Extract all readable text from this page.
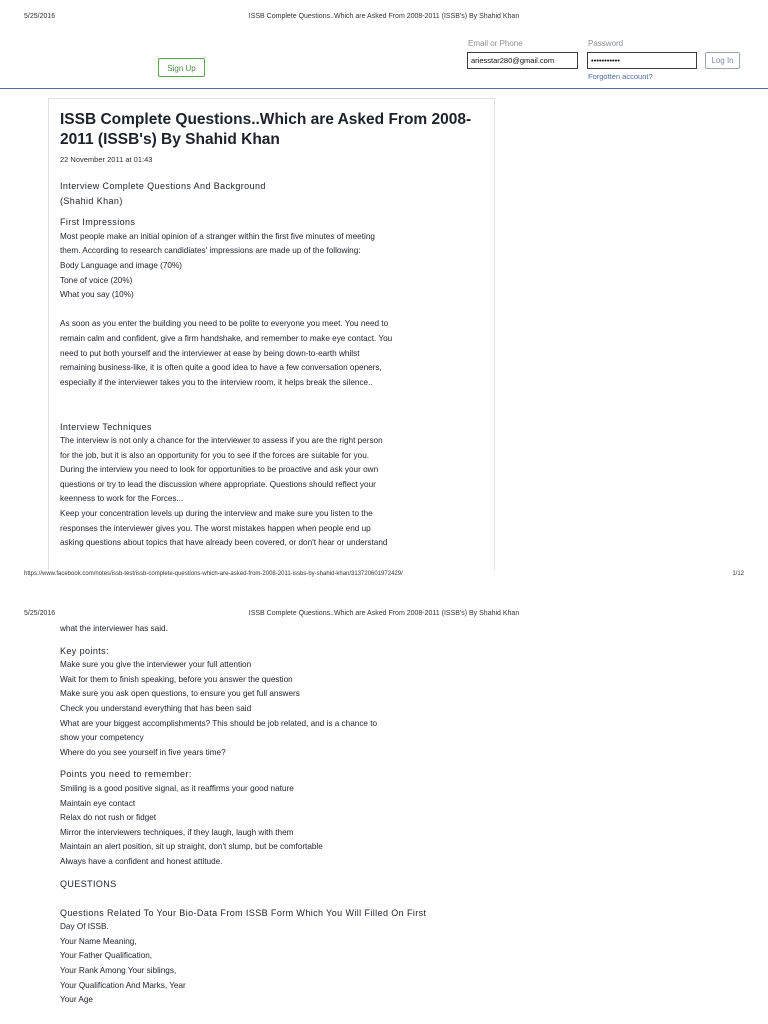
5/25/2016	ISSB Complete Questions..Which are Asked From 2008-2011 (ISSB's) By Shahid Khan
Sign Up
Email or Phone
ariesstar280@gmail.com
Password
•••••••••••	Log In
Forgotten account?
ISSB Complete Questions..Which are Asked From 2008-2011 (ISSB's) By Shahid Khan
22 November 2011 at 01:43

Interview Complete Questions And Background

(Shahid Khan)

First Impressions

Most people make an initial opinion of a stranger within the first five minutes of meeting

them. According to research candidiates' impressions are made up of the following:

Body Language and image (70%)

Tone of voice (20%)

What you say (10%)

As soon as you enter the building you need to be polite to everyone you meet. You need to

remain calm and confident, give a firm handshake, and remember to make eye contact. You

need to put both yourself and the interviewer at ease by being down-to-earth whilst

remaining business-like, it is often quite a good idea to have a few conversation openers,

especially if the interviewer takes you to the interview room, it helps break the silence..

Interview Techniques

The interview is not only a chance for the interviewer to assess if you are the right person

for the job, but it is also an opportunity for you to see if the forces are suitable for you.

During the interview you need to look for opportunities to be proactive and ask your own

questions or try to lead the discussion where appropriate. Questions should reflect your

keenness to work for the Forces...

Keep your concentration levels up during the interview and make sure you listen to the

responses the interviewer gives you. The worst mistakes happen when people end up

asking questions about topics that have already been covered, or don't hear or understand

https://www.facebook.com/notes/issb-test/issb-complete-questions-which-are-asked-from-2008-2011-issbs-by-shahid-khan/313720601972429/	1/12
5/25/2016	ISSB Complete Questions..Which are Asked From 2008-2011 (ISSB's) By Shahid Khan

what the interviewer has said.

Key points:

Make sure you give the interviewer your full attention

Wait for them to finish speaking, before you answer the question

Make sure you ask open questions, to ensure you get full answers

Check you understand everything that has been said

What are your biggest accomplishments? This should be job related, and is a chance to

show your competency

Where do you see yourself in five years time?

Points you need to remember:

Smiling is a good positive signal, as it reaffirms your good nature

Maintain eye contact

Relax do not rush or fidget

Mirror the interviewers techniques, if they laugh, laugh with them

Maintain an alert position, sit up straight, don't slump, but be comfortable

Always have a confident and honest attitude.

QUESTIONS

Questions Related To Your Bio-Data From ISSB Form Which You Will Filled On First

Day Of ISSB.

Your Name Meaning,

Your Father Qualification,

Your Rank Among Your siblings,

Your Qualification And Marks, Year

Your Age
